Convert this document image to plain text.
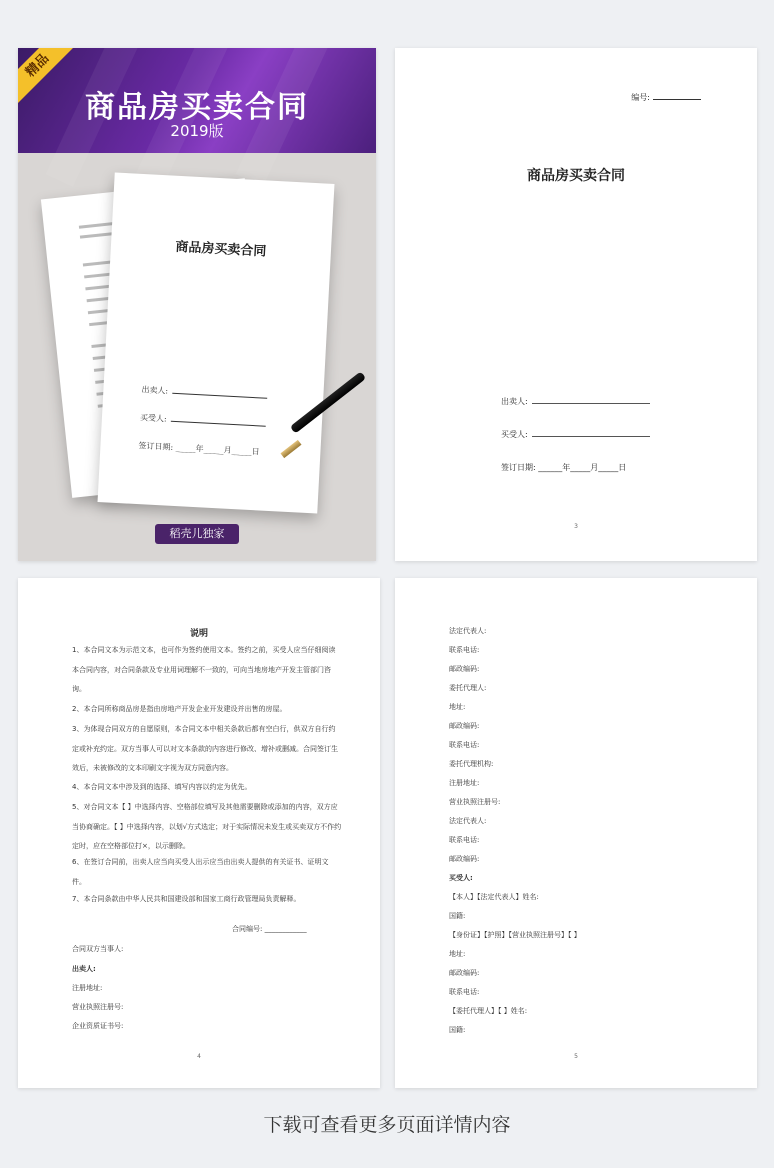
精品
商品房买卖合同
2019版
商品房买卖合同
出卖人:
买受人:
签订日期: _____年_____月_____日
稻壳儿独家
编号:
商品房买卖合同
出卖人:
买受人:
签订日期: ______年_____月_____日
3
说明
1、本合同文本为示范文本，也可作为签约使用文本。签约之前，买受人应当仔细阅读本合同内容，对合同条款及专业用词理解不一致的，可向当地房地产开发主管部门咨询。
2、本合同所称商品房是指由房地产开发企业开发建设并出售的房屋。
3、为体现合同双方的自愿原则，本合同文本中相关条款后都有空白行，供双方自行约定或补充约定。双方当事人可以对文本条款的内容进行修改、增补或删减。合同签订生效后，未被修改的文本印刷文字视为双方同意内容。
4、本合同文本中涉及到的选择、填写内容以约定为优先。
5、对合同文本【 】中选择内容、空格部位填写及其他需要删除或添加的内容，双方应当协商确定。【 】中选择内容，以划√方式选定；对于实际情况未发生或买卖双方不作约定时，应在空格部位打×，以示删除。
6、在签订合同前，出卖人应当向买受人出示应当由出卖人提供的有关证书、证明文件。
7、本合同条款由中华人民共和国建设部和国家工商行政管理局负责解释。
合同编号: ____________
合同双方当事人:
出卖人:
注册地址:
营业执照注册号:
企业资质证书号:
4
法定代表人:
联系电话:
邮政编码:
委托代理人:
地址:
邮政编码:
联系电话:
委托代理机构:
注册地址:
营业执照注册号:
法定代表人:
联系电话:
邮政编码:
买受人:
【本人】【法定代表人】姓名:
国籍:
【身份证】【护照】【营业执照注册号】【 】
地址:
邮政编码:
联系电话:
【委托代理人】【 】姓名:
国籍:
5
下载可查看更多页面详情内容
